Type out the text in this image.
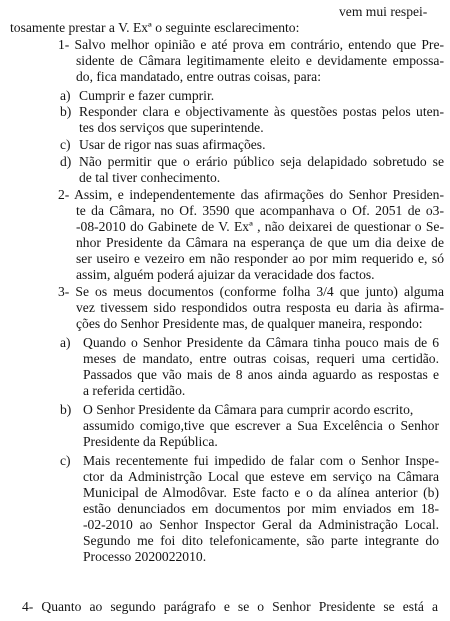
vem mui respei-
tosamente prestar a V. Exª o seguinte esclarecimento:
1- Salvo melhor opinião e até prova em contrário, entendo que Pre-
sidente de Câmara legitimamente eleito e devidamente empossa-
do, fica mandatado, entre outras coisas, para:
a) Cumprir e fazer cumprir.
b) Responder clara e objectivamente às questões postas pelos uten-
tes dos serviços que superintende.
c) Usar de rigor nas suas afirmações.
d) Não permitir que o erário público seja delapidado sobretudo se
de tal tiver conhecimento.
2- Assim, e independentemente das afirmações do Senhor Presiden-
te da Câmara, no Of. 3590 que acompanhava o Of. 2051 de o3-
-08-2010 do Gabinete de V. Exª , não deixarei de questionar o Se-
nhor Presidente da Câmara na esperança de que um dia deixe de
ser useiro e vezeiro em não responder ao por mim requerido e, só
assim, alguém poderá ajuizar da veracidade dos factos.
3- Se os meus documentos (conforme folha 3/4 que junto) alguma
vez tivessem sido respondidos outra resposta eu daria às afirma-
ções do Senhor Presidente mas, de qualquer maneira, respondo:
a) Quando o Senhor Presidente da Câmara tinha pouco mais de 6
meses de mandato, entre outras coisas, requeri uma certidão.
Passados que vão mais de 8 anos ainda aguardo as respostas e
a referida certidão.
b) O Senhor Presidente da Câmara para cumprir acordo escrito,
assumido comigo,tive que escrever a Sua Excelência o Senhor
Presidente da República.
c) Mais recentemente fui impedido de falar com o Senhor Inspe-
ctor da Administrção Local que esteve em serviço na Câmara
Municipal de Almodôvar. Este facto e o da alínea anterior (b)
estão denunciados em documentos por mim enviados em 18-
-02-2010 ao Senhor Inspector Geral da Administração Local.
Segundo me foi dito telefonicamente, são parte integrante do
Processo 2020022010.
4- Quanto ao segundo parágrafo e se o Senhor Presidente se está a
